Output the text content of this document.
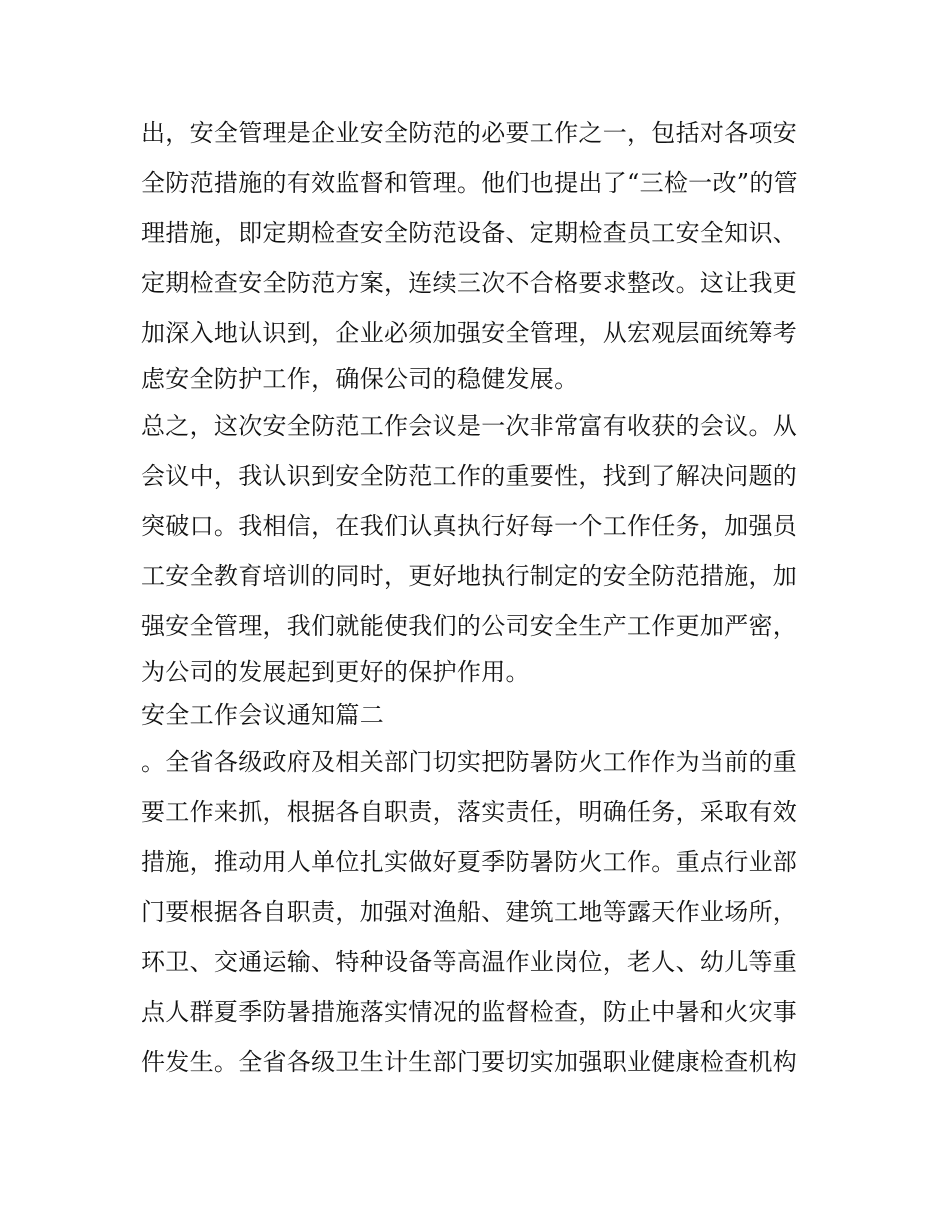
出，安全管理是企业安全防范的必要工作之一，包括对各项安

全防范措施的有效监督和管理。他们也提出了“三检一改”的管

理措施，即定期检查安全防范设备、定期检查员工安全知识、

定期检查安全防范方案，连续三次不合格要求整改。这让我更

加深入地认识到，企业必须加强安全管理，从宏观层面统筹考

虑安全防护工作，确保公司的稳健发展。

总之，这次安全防范工作会议是一次非常富有收获的会议。从

会议中，我认识到安全防范工作的重要性，找到了解决问题的

突破口。我相信，在我们认真执行好每一个工作任务，加强员

工安全教育培训的同时，更好地执行制定的安全防范措施，加

强安全管理，我们就能使我们的公司安全生产工作更加严密，

为公司的发展起到更好的保护作用。

安全工作会议通知篇二

。全省各级政府及相关部门切实把防暑防火工作作为当前的重

要工作来抓，根据各自职责，落实责任，明确任务，采取有效

措施，推动用人单位扎实做好夏季防暑防火工作。重点行业部

门要根据各自职责，加强对渔船、建筑工地等露天作业场所，

环卫、交通运输、特种设备等高温作业岗位，老人、幼儿等重

点人群夏季防暑措施落实情况的监督检查，防止中暑和火灾事

件发生。全省各级卫生计生部门要切实加强职业健康检查机构
